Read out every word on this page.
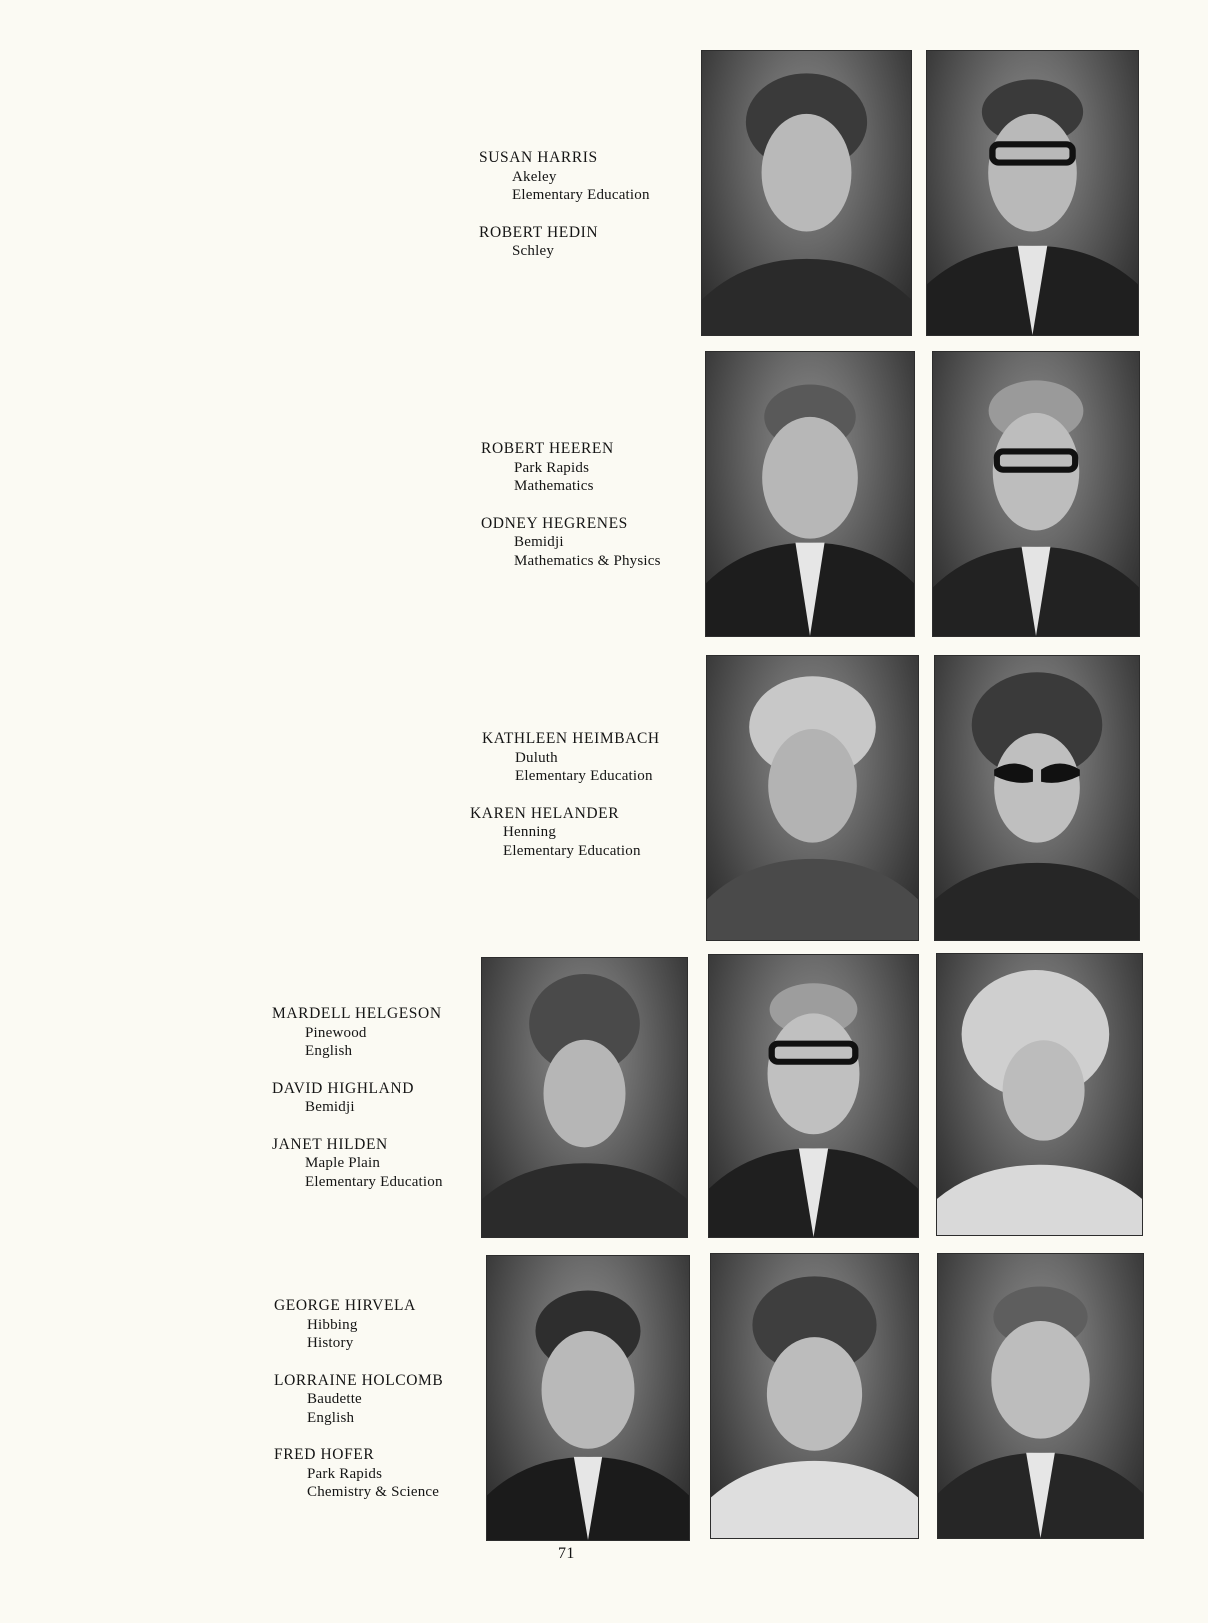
SUSAN HARRIS
Akeley
Elementary Education
ROBERT HEDIN
Schley
ROBERT HEEREN
Park Rapids
Mathematics
ODNEY HEGRENES
Bemidji
Mathematics & Physics
KATHLEEN HEIMBACH
Duluth
Elementary Education
KAREN HELANDER
Henning
Elementary Education
MARDELL HELGESON
Pinewood
English
DAVID HIGHLAND
Bemidji
JANET HILDEN
Maple Plain
Elementary Education
GEORGE HIRVELA
Hibbing
History
LORRAINE HOLCOMB
Baudette
English
FRED HOFER
Park Rapids
Chemistry & Science
71
